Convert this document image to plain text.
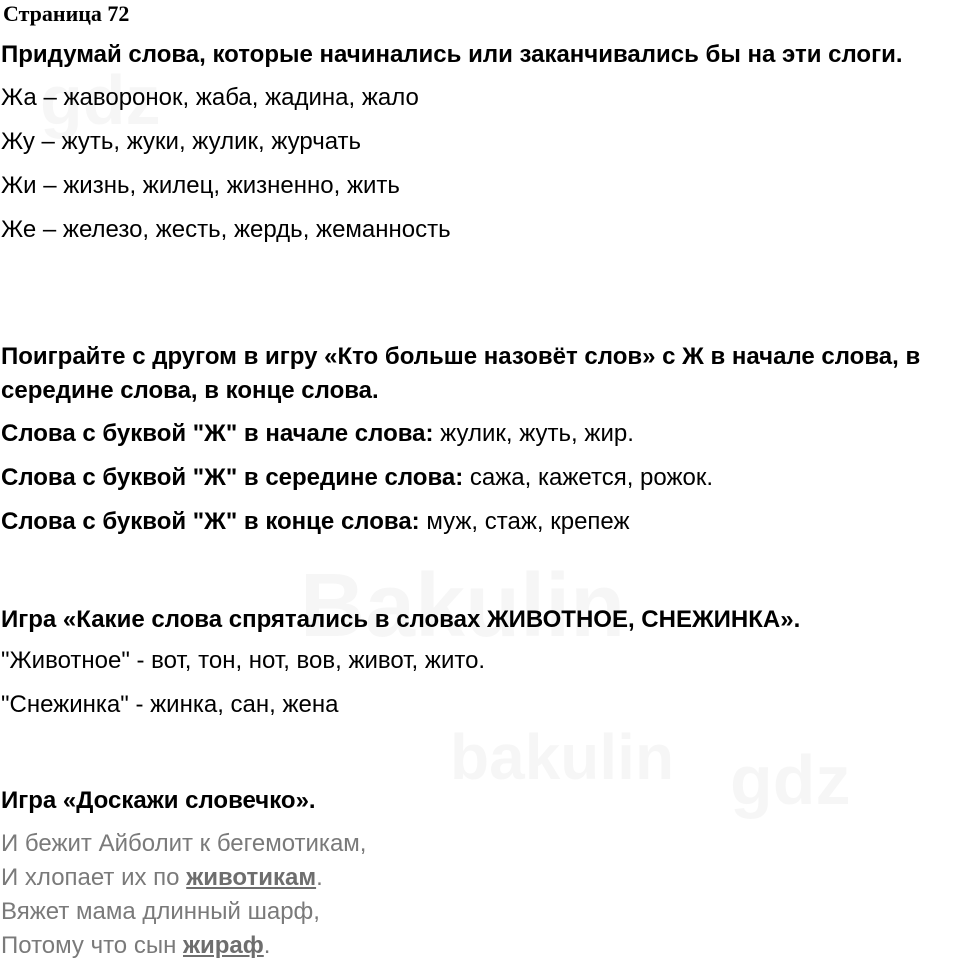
Страница 72

Придумай слова, которые начинались или заканчивались бы на эти слоги.

Жа – жаворонок, жаба, жадина, жало

Жу – жуть, жуки, жулик, журчать

Жи – жизнь, жилец, жизненно, жить

Же – железо, жесть, жердь, жеманность

Поиграйте с другом в игру «Кто больше назовёт слов» с Ж в начале слова, в середине слова, в конце слова.

Слова с буквой "Ж" в начале слова: жулик, жуть, жир.

Слова с буквой "Ж" в середине слова: сажа, кажется, рожок.

Слова с буквой "Ж" в конце слова: муж, стаж, крепеж

Игра «Какие слова спрятались в словах ЖИВОТНОЕ, СНЕЖИНКА».

"Животное" - вот, тон, нот, вов, живот, жито.

"Снежинка" - жинка, сан, жена

Игра «Доскажи словечко».

И бежит Айболит к бегемотикам,

И хлопает их по животикам.

Вяжет мама длинный шарф,

Потому что сын жираф.
